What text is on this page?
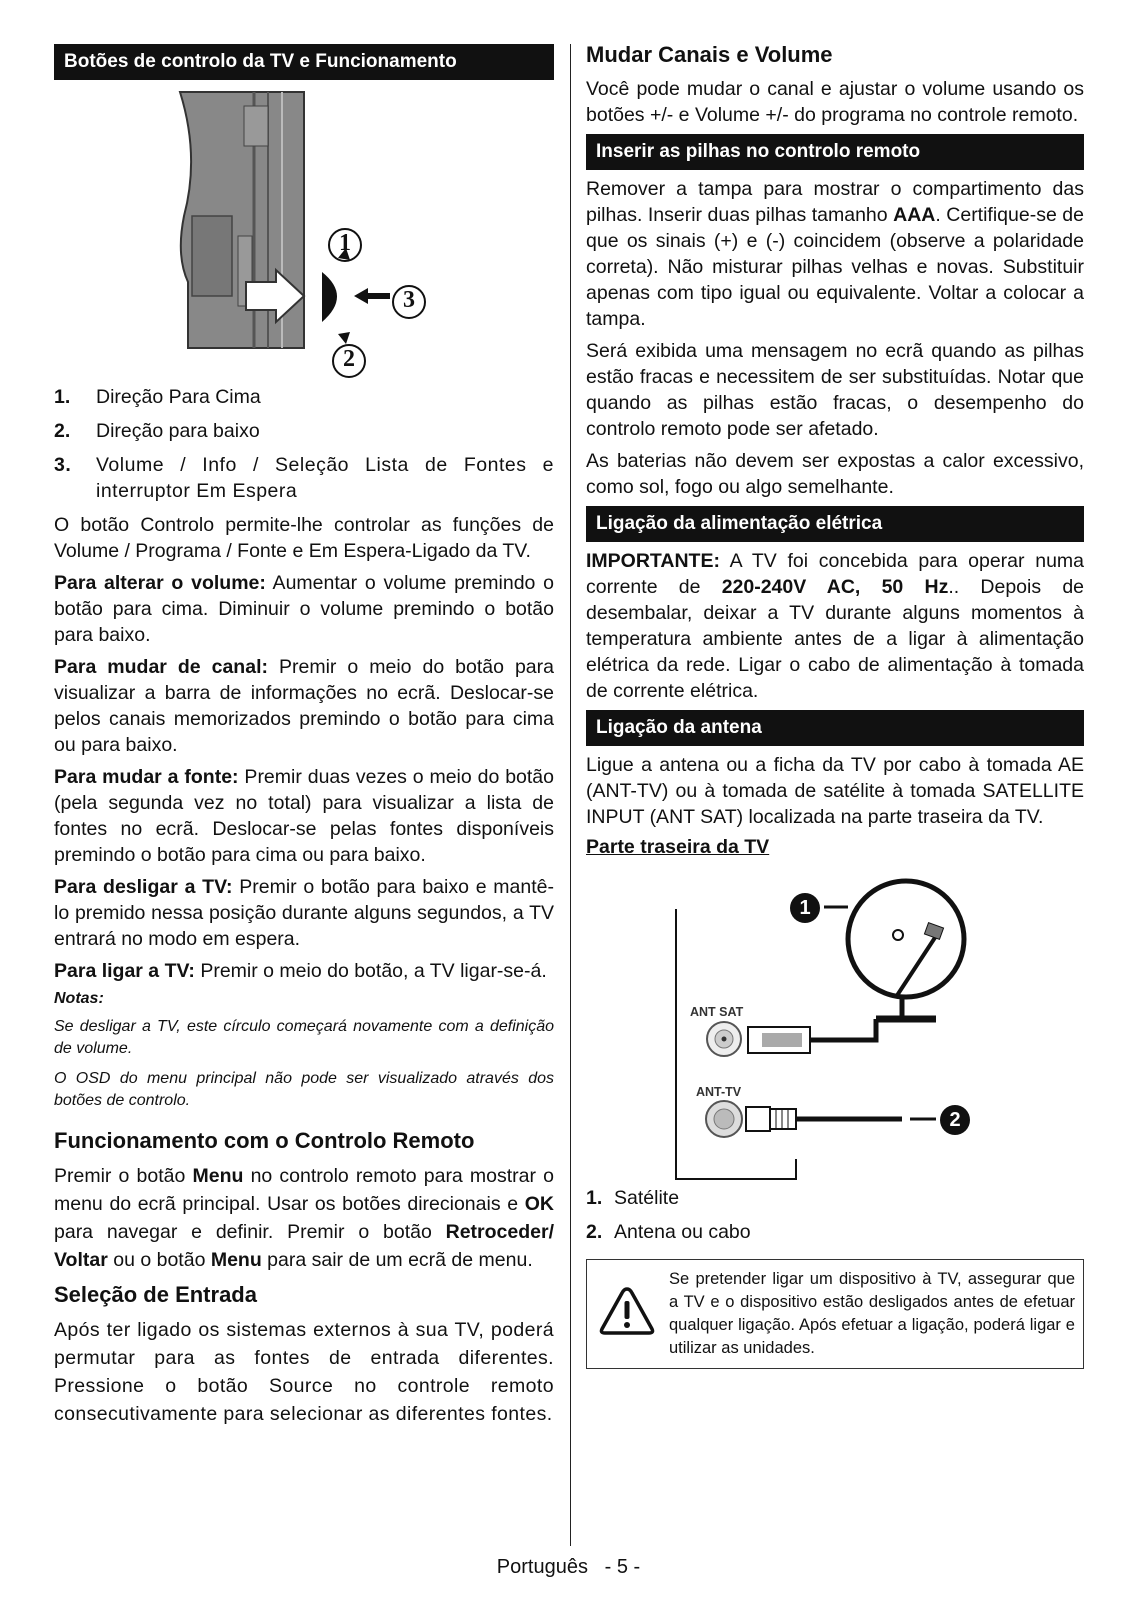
Botões de controlo da TV e Funcionamento
1
2
3
1. Direção Para Cima
2. Direção para baixo
3. Volume / Info / Seleção Lista de Fontes e interruptor Em Espera

O botão Controlo permite-lhe controlar as funções de Volume / Programa / Fonte e Em Espera-Ligado da TV.

Para alterar o volume: Aumentar o volume premindo o botão para cima. Diminuir o volume premindo o botão para baixo.

Para mudar de canal: Premir o meio do botão para visualizar a barra de informações no ecrã. Deslocar-se pelos canais memorizados premindo o botão para cima ou para baixo.

Para mudar a fonte: Premir duas vezes o meio do botão (pela segunda vez no total) para visualizar a lista de fontes no ecrã. Deslocar-se pelas fontes disponíveis premindo o botão para cima ou para baixo.

Para desligar a TV: Premir o botão para baixo e mantê-lo premido nessa posição durante alguns segundos, a TV entrará no modo em espera.

Para ligar a TV: Premir o meio do botão, a TV ligar-se-á.

Notas:

Se desligar a TV, este círculo começará novamente com a definição de volume.

O OSD do menu principal não pode ser visualizado através dos botões de controlo.

Funcionamento com o Controlo Remoto

Premir o botão Menu no controlo remoto para mostrar o menu do ecrã principal. Usar os botões direcionais e OK para navegar e definir. Premir o botão Retroceder/ Voltar ou o botão Menu para sair de um ecrã de menu.

Seleção de Entrada

Após ter ligado os sistemas externos à sua TV, poderá permutar para as fontes de entrada diferentes. Pressione o botão Source no controle remoto consecutivamente para selecionar as diferentes fontes.

Mudar Canais e Volume

Você pode mudar o canal e ajustar o volume usando os botões +/- e Volume +/- do programa no controle remoto.

Inserir as pilhas no controlo remoto

Remover a tampa para mostrar o compartimento das pilhas. Inserir duas pilhas tamanho AAA. Certifique-se de que os sinais (+) e (-) coincidem (observe a polaridade correta). Não misturar pilhas velhas e novas. Substituir apenas com tipo igual ou equivalente. Voltar a colocar a tampa.

Será exibida uma mensagem no ecrã quando as pilhas estão fracas e necessitem de ser substituídas. Notar que quando as pilhas estão fracas, o desempenho do controlo remoto pode ser afetado.

As baterias não devem ser expostas a calor excessivo, como sol, fogo ou algo semelhante.

Ligação da alimentação elétrica

IMPORTANTE: A TV foi concebida para operar numa corrente de 220-240V AC, 50 Hz.. Depois de desembalar, deixar a TV durante alguns momentos à temperatura ambiente antes de a ligar à alimentação elétrica da rede. Ligar o cabo de alimentação à tomada de corrente elétrica.

Ligação da antena

Ligue a antena ou a ficha da TV por cabo à tomada AE (ANT-TV) ou à tomada de satélite à tomada SATELLITE INPUT (ANT SAT) localizada na parte traseira da TV.

Parte traseira da TV
ANT SAT
ANT-TV
1
2
1. Satélite
2. Antena ou cabo
Se pretender ligar um dispositivo à TV, assegurar que a TV e o dispositivo estão desligados antes de efetuar qualquer ligação. Após efetuar a ligação, poderá ligar e utilizar as unidades.
Português   - 5 -
